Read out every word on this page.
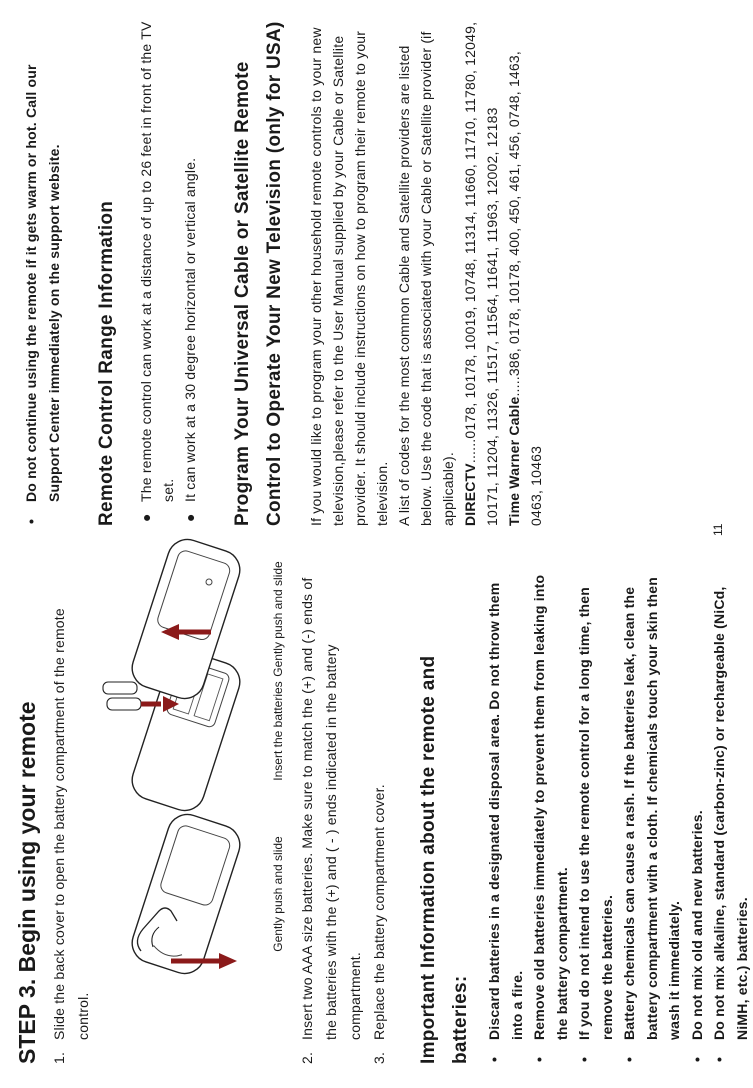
STEP 3. Begin using your remote 1.
Slide the back cover to open the battery compartment of the remote control.
Gently push and slide
Insert the batteries
Gently push and slide
2.
Insert two AAA size batteries. Make sure to match the (+) and (-) ends of the batteries with the (+) and ( - ) ends indicated in the battery compartment.
3.
Replace the battery compartment cover. Important Information about the remote and batteries:	•
Discard batteries in a designated disposal area. Do not throw them into a fire.
•
Remove old batteries immediately to prevent them from leaking into the battery compartment.
•
If you do not intend to use the remote control for a long time, then remove the batteries.
•
Battery chemicals can cause a rash. If the batteries leak, clean the battery compartment with a cloth. If chemicals touch your skin then wash it immediately.
•
Do not mix old and new batteries.
•
Do not mix alkaline, standard (carbon-zinc) or rechargeable (NiCd, NiMH, etc.) batteries.
•
Do not continue using the remote if it gets warm or hot. Call our Support Center immediately on the support website. Remote Control Range Information	●
The remote control can work at a distance of up to 26 feet in front of the TV set.
●
It can work at a 30 degree horizontal or vertical angle. Program Your Universal Cable or Satellite Remote Control to Operate Your New Television (only for USA)	If you would like to program your other household remote controls to your new television,please refer to the User Manual supplied by your Cable or Satellite provider. It should include instructions on how to program their remote to your television. A list of codes for the most common Cable and Satellite providers are listed below. Use the code that is associated with your Cable or Satellite provider (if applicable). DIRECTV......0178, 10178, 10019, 10748, 11314, 11660, 11710, 11780, 12049, 10171, 11204, 11326, 11517, 11564, 11641, 11963, 12002, 12183 Time Warner Cable.....386, 0178, 10178, 400, 450, 461, 456, 0748, 1463, 0463, 10463

11
